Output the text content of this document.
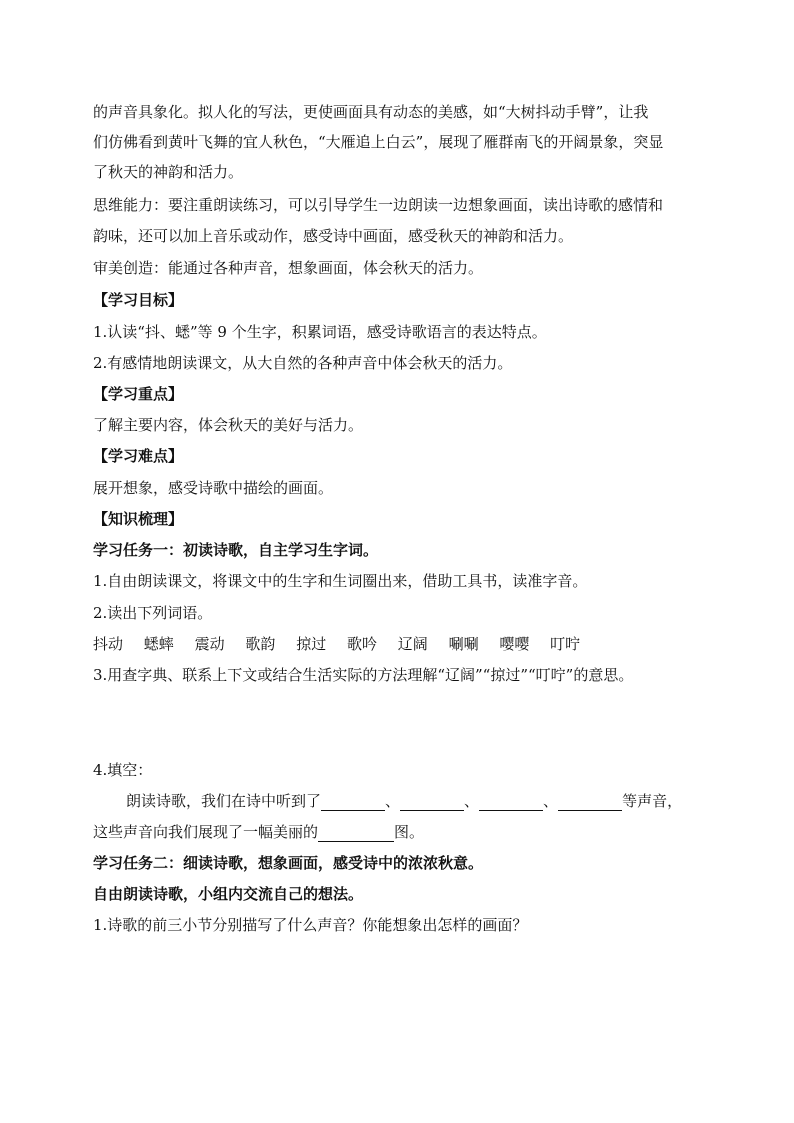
的声音具象化。拟人化的写法，更使画面具有动态的美感，如“大树抖动手臂”，让我
们仿佛看到黄叶飞舞的宜人秋色，“大雁追上白云”，展现了雁群南飞的开阔景象，突显
了秋天的神韵和活力。
思维能力：要注重朗读练习，可以引导学生一边朗读一边想象画面，读出诗歌的感情和
韵味，还可以加上音乐或动作，感受诗中画面，感受秋天的神韵和活力。
审美创造：能通过各种声音，想象画面，体会秋天的活力。
【学习目标】
1.认读“抖、蟋”等 9 个生字，积累词语，感受诗歌语言的表达特点。
2.有感情地朗读课文，从大自然的各种声音中体会秋天的活力。
【学习重点】
了解主要内容，体会秋天的美好与活力。
【学习难点】
展开想象，感受诗歌中描绘的画面。
【知识梳理】
学习任务一：初读诗歌，自主学习生字词。
1.自由朗读课文，将课文中的生字和生词圈出来，借助工具书，读准字音。
2.读出下列词语。
抖动 蟋蟀 震动 歌韵 掠过 歌吟 辽阔 唰唰 嘤嘤 叮咛
3.用查字典、联系上下文或结合生活实际的方法理解“辽阔”“掠过”“叮咛”的意思。
4.填空：
朗读诗歌，我们在诗中听到了	、	、	、	等声音，
这些声音向我们展现了一幅美丽的	图。
学习任务二：细读诗歌，想象画面，感受诗中的浓浓秋意。
自由朗读诗歌，小组内交流自己的想法。
1.诗歌的前三小节分别描写了什么声音？你能想象出怎样的画面？
